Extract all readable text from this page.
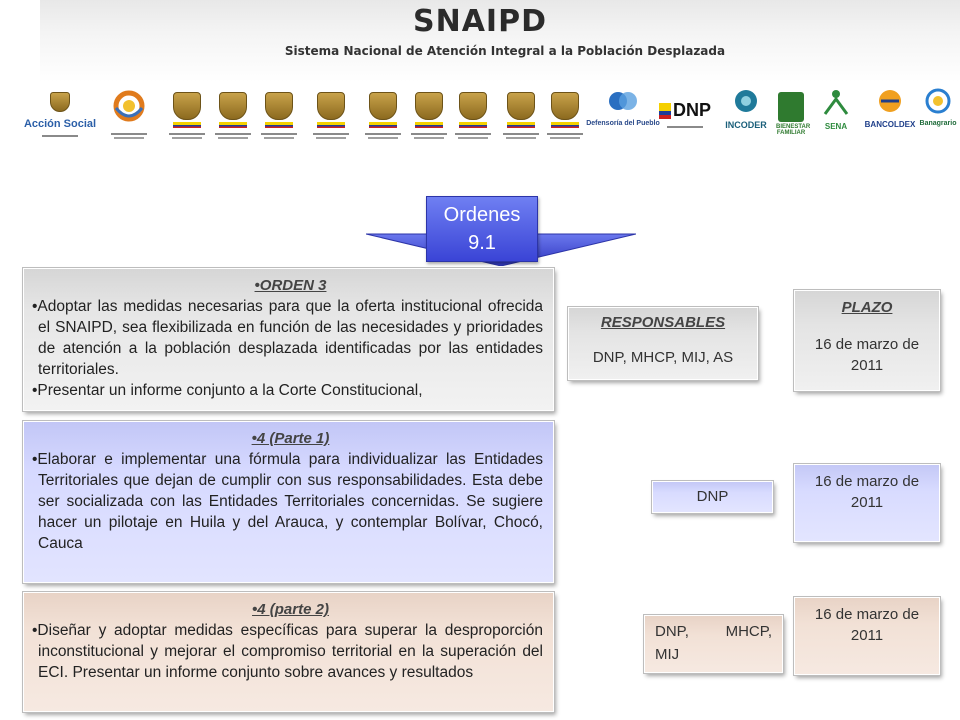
SNAIPD
Sistema Nacional de Atención Integral a la Población Desplazada
Acción Social	Defensoría del Pueblo
DNP
INCODER BIENESTAR FAMILIAR
SENA BANCOLDEX Banagrario
Ordenes
9.1
•ORDEN 3

•Adoptar las medidas necesarias para que la oferta institucional ofrecida el SNAIPD, sea flexibilizada en función de las necesidades y prioridades de atención a la población desplazada identificadas por las entidades territoriales.

•Presentar un informe conjunto a la Corte Constitucional,

RESPONSABLES
DNP, MHCP, MIJ, AS
PLAZO
16 de marzo de 2011
•4 (Parte 1)

•Elaborar e implementar una fórmula para individualizar las Entidades Territoriales que dejan de cumplir con sus responsabilidades. Esta debe ser socializada con las Entidades Territoriales concernidas. Se sugiere hacer un pilotaje en Huila y del Arauca, y contemplar Bolívar, Chocó, Cauca

DNP
16 de marzo de 2011
•4 (parte 2)

•Diseñar y adoptar medidas específicas para superar la desproporción inconstitucional y mejorar el compromiso territorial en la superación del ECI. Presentar un informe conjunto sobre avances y resultados

DNP,   MHCP, MIJ
16 de marzo de 2011
